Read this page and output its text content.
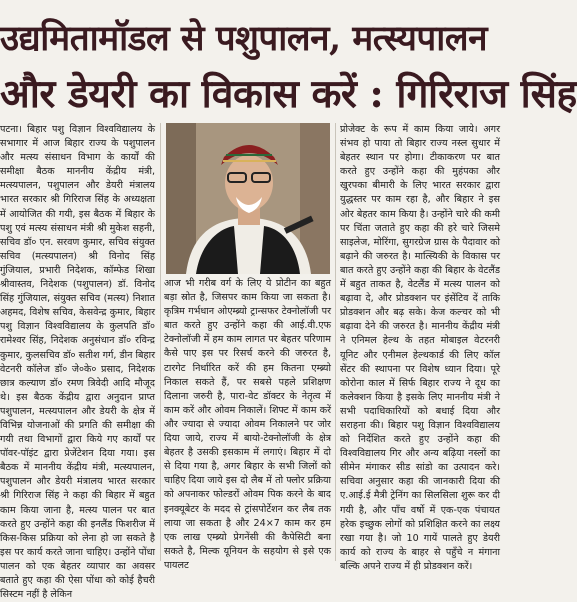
उद्यमितामॉडल से पशुपालन, मत्स्यपालन
और डेयरी का विकास करें : गिरिराज सिंह

पटना। बिहार पशु विज्ञान विश्वविद्यालय के सभागार में आज बिहार राज्य के पशुपालन और मत्स्य संसाधन विभाग के कार्यों की समीक्षा बैठक माननीय केंद्रीय मंत्री, मत्स्यपालन, पशुपालन और डेयरी मंत्रालय भारत सरकार श्री गिरिराज सिंह के अध्यक्षता में आयोजित की गयी, इस बैठक में बिहार के पशु एवं मत्स्य संसाधन मंत्री श्री मुकेश सहनी, सचिव डॉ० एन. सरवण कुमार, सचिव संयुक्त सचिव (मत्स्यपालन) श्री विनोद सिंह गुंजियाल, प्रभारी निदेशक, कॉम्फेड शिखा श्रीवास्तव, निदेशक (पशुपालन) डॉ. विनोद सिंह गुंजियाल, संयुक्त सचिव (मत्स्य) निशात अहमद, विशेष सचिव, केसवेन्द्र कुमार, बिहार पशु विज्ञान विश्वविद्यालय के कुलपति डॉ० रामेश्वर सिंह, निदेशक अनुसंधान डॉ० रविन्द्र कुमार, कुलसचिव डॉ० सतीश गर्ग, डीन बिहार वेटनरी कॉलेज डॉ० जे०के० प्रसाद, निदेशक छात्र कल्याण डॉ० रमण त्रिवेदी आदि मौजूद थे। इस बैठक केंद्रीय द्वारा अनुदान प्राप्त पशुपालन, मत्स्यपालन और डेयरी के क्षेत्र में विभिन्न योजनाओं की प्रगति की समीक्षा की गयी तथा विभागों द्वारा किये गए कार्यों पर पॉवर-पॉइंट द्वारा प्रेजेंटेशन दिया गया। इस बैठक में माननीय केंद्रीय मंत्री, मत्स्यपालन, पशुपालन और डेयरी मंत्रालय भारत सरकार श्री गिरिराज सिंह ने कहा की बिहार में बहुत काम किया जाना है, मत्स्य पालन पर बात करते हुए उन्होंने कहा की इनलैंड फिशरीज में किस-किस प्रक्रिया को लेना हो जा सकते है इस पर कार्य करते जाना चाहिए। उन्होंने पोंधा पालन को एक बेहतर व्यापार का अवसर बताते हुए कहा की ऐसा पोंधा को कोई हैचरी सिस्टम नहीं है लेकिन

आज भी गरीब वर्ग के लिए ये प्रोटीन का बहुत बड़ा स्रोत है, जिसपर काम किया जा सकता है। कृत्रिम गर्भधान ओएम्ब्र्यो ट्रान्सफर टेक्नोलॉजी पर बात करते हुए उन्होंने कहा की आई.वी.एफ टेक्नोलॉजी में हम काम लागत पर बेहतर परिणाम कैसे पाए इस पर रिसर्च करने की जरुरत है, टारगेट निर्धारित करें की हम कितना एम्ब्र्यो निकाल सकते हैं, पर सबसे पहले प्रशिक्षण दिलाना जरुरी है, पारा-वेट डॉक्टर के नेतृत्व में काम करें और ओवम निकालें। शिफ्ट में काम करें और ज्यादा से ज्यादा ओवम निकालने पर जोर दिया जाये, राज्य में बायो-टेक्नोलॉजी के क्षेत्र बेहतर है उसकी इसकाम में लगाएं। बिहार में दो से दिया गया है, अगर बिहार के सभी जिलों को चाहिए दिया जाये इस दो लैब में तो फ्लोर प्रक्रिया को अपनाकर फोल्डरों ओवम पिक करने के बाद इनक्यूबेटर के मदद से ट्रांसपोर्टेशन कर लैब तक लाया जा सकता है और 24×7 काम कर हम एक लाख एम्ब्र्यो प्रेगनेंसी की कैपेसिटी बना सकते है, मिल्क यूनियन के सहयोग से इसे एक पायलट

प्रोजेक्ट के रूप में काम किया जाये। अगर संभव हो पाया तो बिहार राज्य नस्ल सुधार में बेहतर स्थान पर होगा। टीकाकरण पर बात करते हुए उन्होंने कहा की मुहंपका और खुरपका बीमारी के लिए भारत सरकार द्वारा युद्धस्तर पर काम रहा है, और बिहार ने इस ओर बेहतर काम किया है। उन्होंने चारे की कमी पर चिंता जताते हुए कहा की हरे चारे जिसमे साइलेज, मोरिंगा, सुगरग्रेज ग्रास के पैदावार को बढ़ाने की जरुरत है। मात्स्यिकी के विकास पर बात करते हुए उन्होंने कहा की बिहार के वेटलैंड में बहुत ताकत है, वेटलैंड में मत्स्य पालन को बढ़ावा दे, और प्रोडक्शन पर इंसेंटिव दें ताकि प्रोडक्शन और बढ़ सके। केज कल्चर को भी बढ़ावा देने की जरुरत है। माननीय केंद्रीय मंत्री ने एनिमल हेल्थ के तहत मोबाइल वेटरनरी यूनिट और एनीमल हेल्थकार्ड की लिए कॉल सेंटर की स्थापना पर विशेष ध्यान दिया। पूरे कोरोना काल में सिर्फ बिहार राज्य ने दूध का कलेक्शन किया है इसके लिए माननीय मंत्री ने सभी पदाधिकारियों को बधाई दिया और सराहना की। बिहार पशु विज्ञान विश्वविद्यालय को निर्देशित करते हुए उन्होंने कहा की विश्वविद्यालय गिर और अन्य बढ़िया नस्लों का सीमेन मंगाकर सीड सांडो का उत्पादन करे। सचिवा अनुसार कहा की जानकारी दिया की ए.आई.ई मैत्री ट्रेनिंग का सिलसिला शुरू कर दी गयी है, और पाँच वर्षो में एक-एक पंचायत हरेक इच्छुक लोगों को प्रशिक्षित करने का लक्ष्य रखा गया है। जो 10 गायें पालते हुए डेयरी कार्य को राज्य के बाहर से पहुँचे न मंगाना बल्कि अपने राज्य में ही प्रोडक्शन करें।
